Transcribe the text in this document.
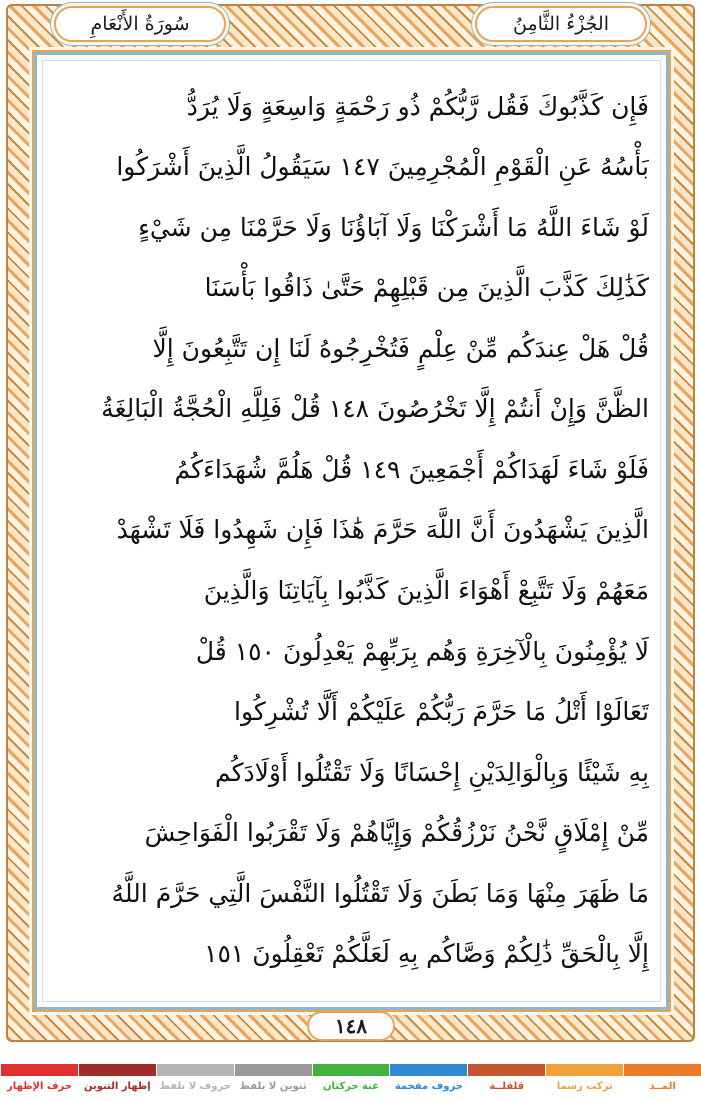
الجُزْءُ الثَّامِنُ
سُورَةُ الأَنْعَامِ
فَإِن كَذَّبُوكَ فَقُل رَّبُّكُمْ ذُو رَحْمَةٍ وَاسِعَةٍ وَلَا يُرَدُّ
بَأْسُهُ عَنِ الْقَوْمِ الْمُجْرِمِينَ ١٤٧ سَيَقُولُ الَّذِينَ أَشْرَكُوا
لَوْ شَاءَ اللَّهُ مَا أَشْرَكْنَا وَلَا آبَاؤُنَا وَلَا حَرَّمْنَا مِن شَيْءٍ
كَذَٰلِكَ كَذَّبَ الَّذِينَ مِن قَبْلِهِمْ حَتَّىٰ ذَاقُوا بَأْسَنَا
قُلْ هَلْ عِندَكُم مِّنْ عِلْمٍ فَتُخْرِجُوهُ لَنَا إِن تَتَّبِعُونَ إِلَّا
الظَّنَّ وَإِنْ أَنتُمْ إِلَّا تَخْرُصُونَ ١٤٨ قُلْ فَلِلَّهِ الْحُجَّةُ الْبَالِغَةُ
فَلَوْ شَاءَ لَهَدَاكُمْ أَجْمَعِينَ ١٤٩ قُلْ هَلُمَّ شُهَدَاءَكُمُ
الَّذِينَ يَشْهَدُونَ أَنَّ اللَّهَ حَرَّمَ هَٰذَا فَإِن شَهِدُوا فَلَا تَشْهَدْ
مَعَهُمْ وَلَا تَتَّبِعْ أَهْوَاءَ الَّذِينَ كَذَّبُوا بِآيَاتِنَا وَالَّذِينَ
لَا يُؤْمِنُونَ بِالْآخِرَةِ وَهُم بِرَبِّهِمْ يَعْدِلُونَ ١٥٠ قُلْ
تَعَالَوْا أَتْلُ مَا حَرَّمَ رَبُّكُمْ عَلَيْكُمْ أَلَّا تُشْرِكُوا
بِهِ شَيْئًا وَبِالْوَالِدَيْنِ إِحْسَانًا وَلَا تَقْتُلُوا أَوْلَادَكُم
مِّنْ إِمْلَاقٍ نَّحْنُ نَرْزُقُكُمْ وَإِيَّاهُمْ وَلَا تَقْرَبُوا الْفَوَاحِشَ
مَا ظَهَرَ مِنْهَا وَمَا بَطَنَ وَلَا تَقْتُلُوا النَّفْسَ الَّتِي حَرَّمَ اللَّهُ
إِلَّا بِالْحَقِّ ذَٰلِكُمْ وَصَّاكُم بِهِ لَعَلَّكُمْ تَعْقِلُونَ ١٥١
١٤٨
المــد
تركت رسما
قلقلــة
حروف مفخمة
غنة حركتان
تنوين لا يلفظ
حروف لا تلفظ
إظهار التنوين
حرف الإظهار
